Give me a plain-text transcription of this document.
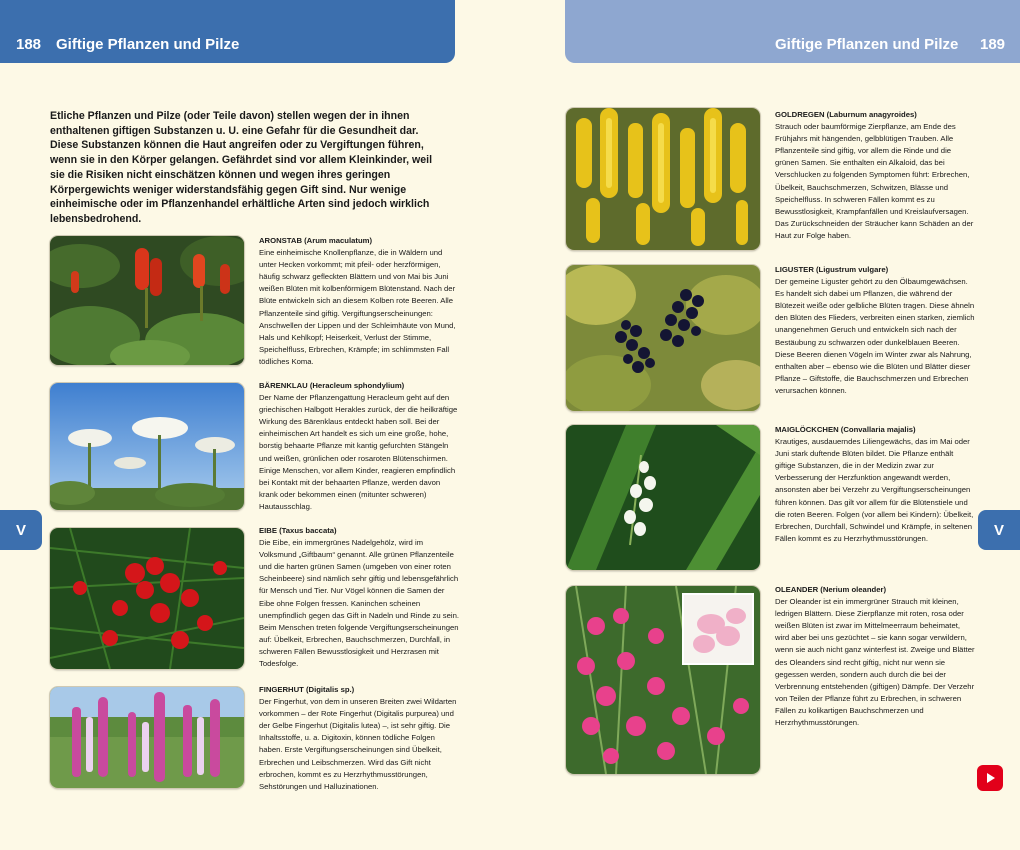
188 Giftige Pflanzen und Pilze	Giftige Pflanzen und Pilze 189
Etliche Pflanzen und Pilze (oder Teile davon) stellen wegen der in ihnen enthaltenen giftigen Substanzen u. U. eine Gefahr für die Gesundheit dar. Diese Substanzen können die Haut angreifen oder zu Vergiftungen führen, wenn sie in den Körper gelangen. Gefährdet sind vor allem Kleinkinder, weil sie die Risiken nicht einschätzen können und wegen ihres geringen Körpergewichts weniger widerstandsfähig gegen Gift sind. Nur wenige einheimische oder im Pflanzenhandel erhältliche Arten sind jedoch wirklich lebensbedrohend.
ARONSTAB (Arum maculatum)
Eine einheimische Knollenpflanze, die in Wäldern und unter Hecken vorkommt; mit pfeil- oder herzförmigen, häufig schwarz gefleckten Blättern und von Mai bis Juni weißen Blüten mit kolbenförmigem Blütenstand. Nach der Blüte entwickeln sich an diesem Kolben rote Beeren. Alle Pflanzenteile sind giftig. Vergiftungserscheinungen: Anschwellen der Lippen und der Schleimhäute von Mund, Hals und Kehlkopf; Heiserkeit, Verlust der Stimme, Speichelfluss, Erbrechen, Krämpfe; im schlimmsten Fall tödliches Koma.
BÄRENKLAU (Heracleum sphondylium)
Der Name der Pflanzengattung Heracleum geht auf den griechischen Halbgott Herakles zurück, der die heilkräftige Wirkung des Bärenklaus entdeckt haben soll. Bei der einheimischen Art handelt es sich um eine große, hohe, borstig behaarte Pflanze mit kantig gefurchten Stängeln und weißen, grünlichen oder rosaroten Blütenschirmen. Einige Menschen, vor allem Kinder, reagieren empfindlich bei Kontakt mit der behaarten Pflanze, werden davon krank oder bekommen einen (mitunter schweren) Hautausschlag.
EIBE (Taxus baccata)
Die Eibe, ein immergrünes Nadelgehölz, wird im Volksmund „Giftbaum“ genannt. Alle grünen Pflanzenteile und die harten grünen Samen (umgeben von einer roten Scheinbeere) sind nämlich sehr giftig und lebensgefährlich für Mensch und Tier. Nur Vögel können die Samen der Eibe ohne Folgen fressen. Kaninchen scheinen unempfindlich gegen das Gift in Nadeln und Rinde zu sein. Beim Menschen treten folgende Vergiftungserscheinungen auf: Übelkeit, Erbrechen, Bauchschmerzen, Durchfall, in schweren Fällen Bewusstlosigkeit und Herzrasen mit Todesfolge.
FINGERHUT (Digitalis sp.)
Der Fingerhut, von dem in unseren Breiten zwei Wildarten vorkommen – der Rote Fingerhut (Digitalis purpurea) und der Gelbe Fingerhut (Digitalis lutea) –, ist sehr giftig. Die Inhaltsstoffe, u. a. Digitoxin, können tödliche Folgen haben. Erste Vergiftungserscheinungen sind Übelkeit, Erbrechen und Leibschmerzen. Wird das Gift nicht erbrochen, kommt es zu Herzrhythmusstörungen, Sehstörungen und Halluzinationen.
GOLDREGEN (Laburnum anagyroides)
Strauch oder baumförmige Zierpflanze, am Ende des Frühjahrs mit hängenden, gelbblütigen Trauben. Alle Pflanzenteile sind giftig, vor allem die Rinde und die grünen Samen. Sie enthalten ein Alkaloid, das bei Verschlucken zu folgenden Symptomen führt: Erbrechen, Übelkeit, Bauchschmerzen, Schwitzen, Blässe und Speichelfluss. In schweren Fällen kommt es zu Bewusstlosigkeit, Krampfanfällen und Kreislaufversagen. Das Zurückschneiden der Sträucher kann Schäden an der Haut zur Folge haben.
LIGUSTER (Ligustrum vulgare)
Der gemeine Liguster gehört zu den Ölbaumgewächsen. Es handelt sich dabei um Pflanzen, die während der Blütezeit weiße oder gelbliche Blüten tragen. Diese ähneln den Blüten des Flieders, verbreiten einen starken, ziemlich unangenehmen Geruch und entwickeln sich nach der Bestäubung zu schwarzen oder dunkelblauen Beeren. Diese Beeren dienen Vögeln im Winter zwar als Nahrung, enthalten aber – ebenso wie die Blüten und Blätter dieser Pflanze – Giftstoffe, die Bauchschmerzen und Erbrechen verursachen können.
MAIGLÖCKCHEN (Convallaria majalis)
Krautiges, ausdauerndes Liliengewächs, das im Mai oder Juni stark duftende Blüten bildet. Die Pflanze enthält giftige Substanzen, die in der Medizin zwar zur Verbesserung der Herzfunktion angewandt werden, ansonsten aber bei Verzehr zu Vergiftungserscheinungen führen können. Das gilt vor allem für die Blütenstiele und die roten Beeren. Folgen (vor allem bei Kindern): Übelkeit, Erbrechen, Durchfall, Schwindel und Krämpfe, in seltenen Fällen kommt es zu Herzrhythmusstörungen.
OLEANDER (Nerium oleander)
Der Oleander ist ein immergrüner Strauch mit kleinen, ledrigen Blättern. Diese Zierpflanze mit roten, rosa oder weißen Blüten ist zwar im Mittelmeerraum beheimatet, wird aber bei uns gezüchtet – sie kann sogar verwildern, wenn sie auch nicht ganz winterfest ist. Zweige und Blätter des Oleanders sind recht giftig, nicht nur wenn sie gegessen werden, sondern auch durch die bei der Verbrennung entstehenden (giftigen) Dämpfe. Der Verzehr von Teilen der Pflanze führt zu Erbrechen, in schweren Fällen zu kolikartigen Bauchschmerzen und Herzrhythmusstörungen.
V	V
